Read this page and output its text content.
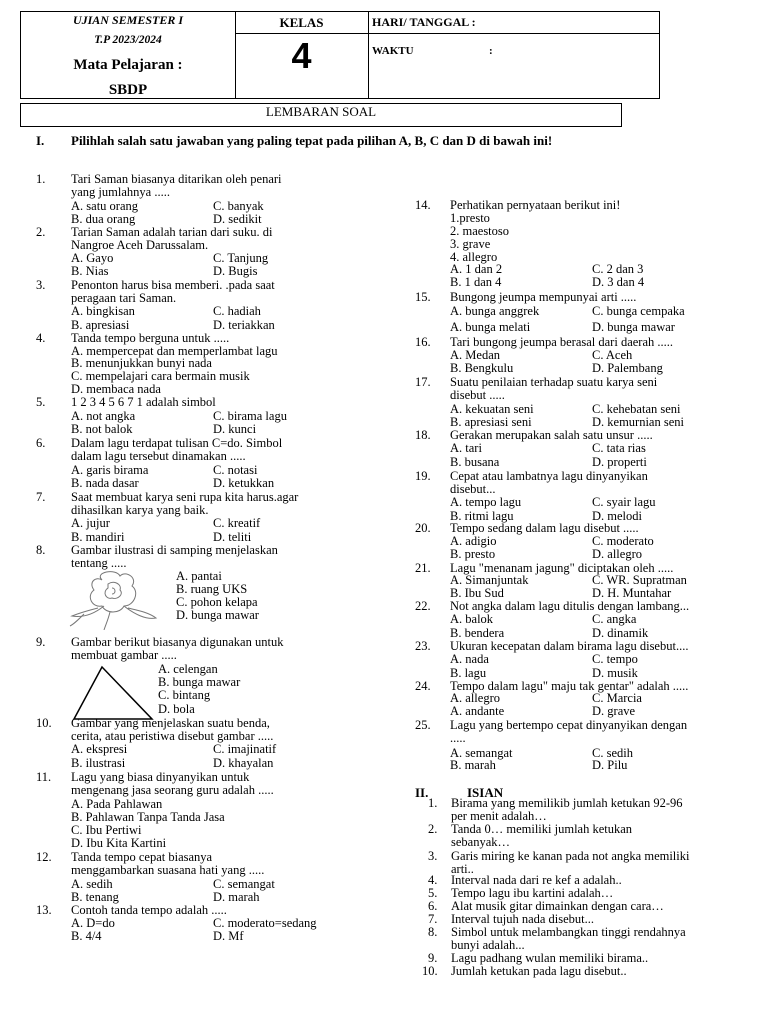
UJIAN SEMESTER I
T.P 2023/2024
Mata Pelajaran :
SBDP
KELAS
4
HARI/ TANGGAL :
WAKTU	:
LEMBARAN SOAL
I. Pilihlah salah satu jawaban yang paling tepat pada pilihan A, B, C dan D di bawah ini!
1. Tari Saman biasanya ditarikan oleh penari
yang jumlahnya .....
A. satu orang
B. dua orang
C. banyak
D. sedikit
2. Tarian Saman adalah tarian dari suku. di
Nangroe Aceh Darussalam.
A. Gayo
B. Nias
C. Tanjung
D. Bugis
3. Penonton harus bisa memberi. .pada saat
peragaan tari Saman.
A. bingkisan
B. apresiasi
C. hadiah
D. teriakkan
4. Tanda tempo berguna untuk .....
A. mempercepat dan memperlambat lagu
B. menunjukkan bunyi nada
C. mempelajari cara bermain musik
D. membaca nada
5. 1 2 3 4 5 6 7 1 adalah simbol
A. not angka
B. not balok
C. birama lagu
D. kunci
6. Dalam lagu terdapat tulisan C=do. Simbol
dalam lagu tersebut dinamakan .....
A. garis birama
B. nada dasar
C. notasi
D. ketukkan
7. Saat membuat karya seni rupa kita harus.agar
dihasilkan karya yang baik.
A. jujur
B. mandiri
C. kreatif
D. teliti
8. Gambar ilustrasi di samping menjelaskan
tentang .....
A. pantai
B. ruang UKS
C. pohon kelapa
D. bunga mawar
9. Gambar berikut biasanya digunakan untuk
membuat gambar .....
A. celengan
B. bunga mawar
C. bintang
D. bola
10. Gambar yang menjelaskan suatu benda,
cerita, atau peristiwa disebut gambar .....
A. ekspresi
B. ilustrasi
C. imajinatif
D. khayalan
11. Lagu yang biasa dinyanyikan untuk
mengenang jasa seorang guru adalah .....
A. Pada Pahlawan
B. Pahlawan Tanpa Tanda Jasa
C. Ibu Pertiwi
D. Ibu Kita Kartini
12. Tanda tempo cepat biasanya
menggambarkan suasana hati yang .....
A. sedih
B. tenang
C. semangat
D. marah
13. Contoh tanda tempo adalah .....
A. D=do
B. 4/4
C. moderato=sedang
D. Mf
14. Perhatikan pernyataan berikut ini!
1.presto
2. maestoso
3. grave
4. allegro
A. 1 dan 2
B. 1 dan 4
C. 2 dan 3
D. 3 dan 4
15. Bungong jeumpa mempunyai arti .....
A. bunga anggrek
A. bunga melati
C. bunga cempaka
D. bunga mawar
16. Tari bungong jeumpa berasal dari daerah .....
A. Medan
B. Bengkulu
C. Aceh
D. Palembang
17. Suatu penilaian terhadap suatu karya seni
disebut .....
A. kekuatan seni
B. apresiasi seni
C. kehebatan seni
D. kemurnian seni
18. Gerakan merupakan salah satu unsur .....
A. tari
B. busana
C. tata rias
D. properti
19. Cepat atau lambatnya lagu dinyanyikan
disebut...
A. tempo lagu
B. ritmi lagu
C. syair lagu
D. melodi
20. Tempo sedang dalam lagu disebut .....
A. adigio
B. presto
C. moderato
D. allegro
21. Lagu "menanam jagung" diciptakan oleh .....
A. Simanjuntak
B. Ibu Sud
C. WR. Supratman
D. H. Muntahar
22. Not angka dalam lagu ditulis dengan lambang...
A. balok
B. bendera
C. angka
D. dinamik
23. Ukuran kecepatan dalam birama lagu disebut....
A. nada
B. lagu
C. tempo
D. musik
24. Tempo dalam lagu" maju tak gentar" adalah .....
A. allegro
A. andante
C. Marcia
D. grave
25. Lagu yang bertempo cepat dinyanyikan dengan
.....
A. semangat
B. marah
C. sedih
D. Pilu
II.	ISIAN
1. Birama yang memilikib jumlah ketukan 92-96
per menit adalah…
2. Tanda 0… memiliki jumlah ketukan
sebanyak…
3. Garis miring ke kanan pada not angka memiliki
arti..
4. Interval nada dari re kef a adalah..
5. Tempo lagu ibu kartini adalah…
6. Alat musik gitar dimainkan dengan cara…
7. Interval tujuh nada disebut...
8. Simbol untuk melambangkan tinggi rendahnya
bunyi adalah...
9. Lagu padhang wulan memiliki birama..
10. Jumlah ketukan pada lagu disebut..
